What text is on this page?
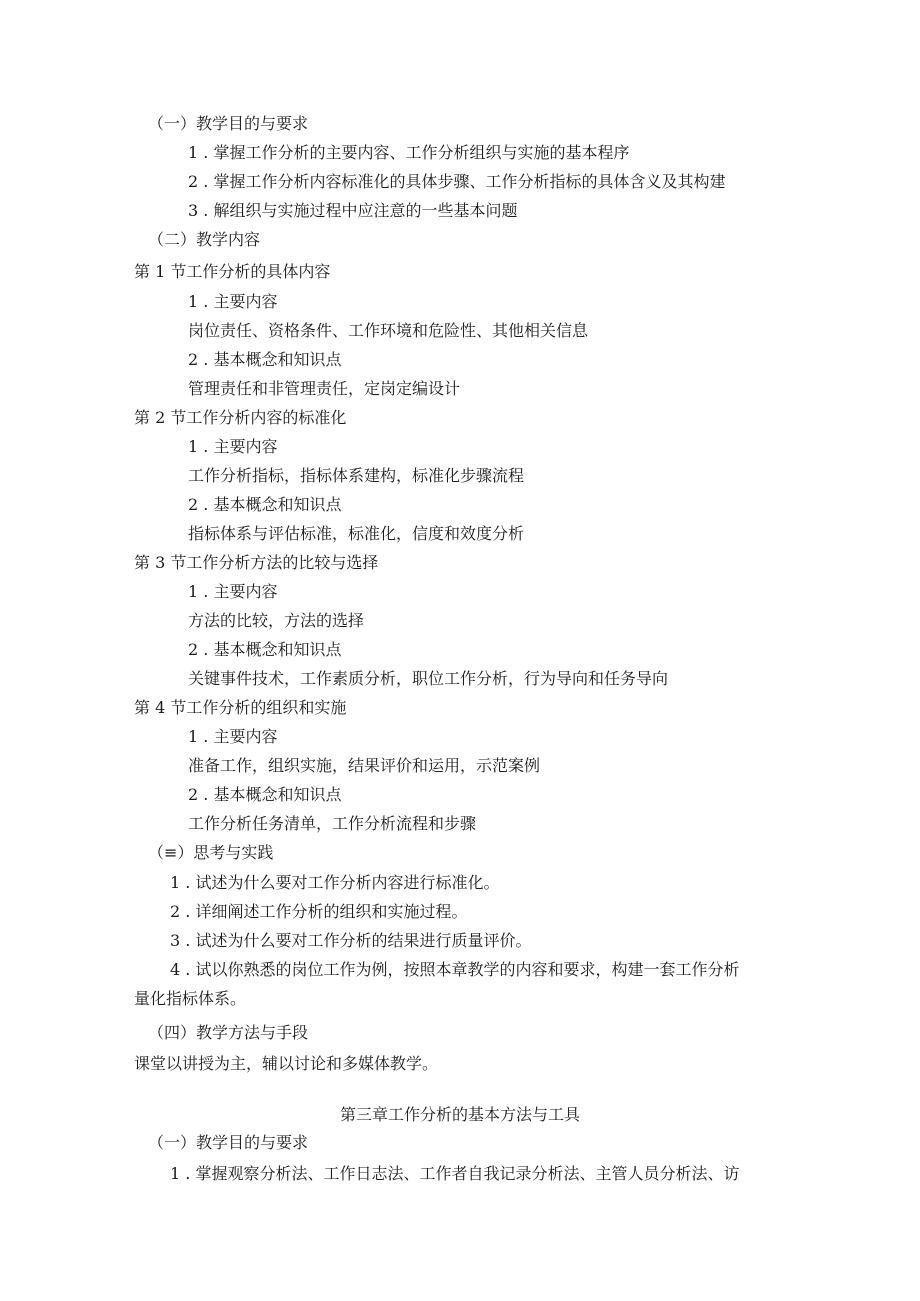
（一）教学目的与要求
1 . 掌握工作分析的主要内容、工作分析组织与实施的基本程序
2 . 掌握工作分析内容标准化的具体步骤、工作分析指标的具体含义及其构建
3 . 解组织与实施过程中应注意的一些基本问题
（二）教学内容
第 1 节工作分析的具体内容
1 . 主要内容
岗位责任、资格条件、工作环境和危险性、其他相关信息
2 . 基本概念和知识点
管理责任和非管理责任，定岗定编设计
第 2 节工作分析内容的标准化
1 . 主要内容
工作分析指标，指标体系建构，标准化步骤流程
2 . 基本概念和知识点
指标体系与评估标准，标准化，信度和效度分析
第 3 节工作分析方法的比较与选择
1 . 主要内容
方法的比较，方法的选择
2 . 基本概念和知识点
关键事件技术，工作素质分析，职位工作分析，行为导向和任务导向
第 4 节工作分析的组织和实施
1 . 主要内容
准备工作，组织实施，结果评价和运用，示范案例
2 . 基本概念和知识点
工作分析任务清单，工作分析流程和步骤
（≡）思考与实践
1 . 试述为什么要对工作分析内容进行标准化。
2 . 详细阐述工作分析的组织和实施过程。
3 . 试述为什么要对工作分析的结果进行质量评价。
4 . 试以你熟悉的岗位工作为例，按照本章教学的内容和要求，构建一套工作分析
量化指标体系。
（四）教学方法与手段
课堂以讲授为主，辅以讨论和多媒体教学。
第三章工作分析的基本方法与工具
（一）教学目的与要求
1 . 掌握观察分析法、工作日志法、工作者自我记录分析法、主管人员分析法、访
